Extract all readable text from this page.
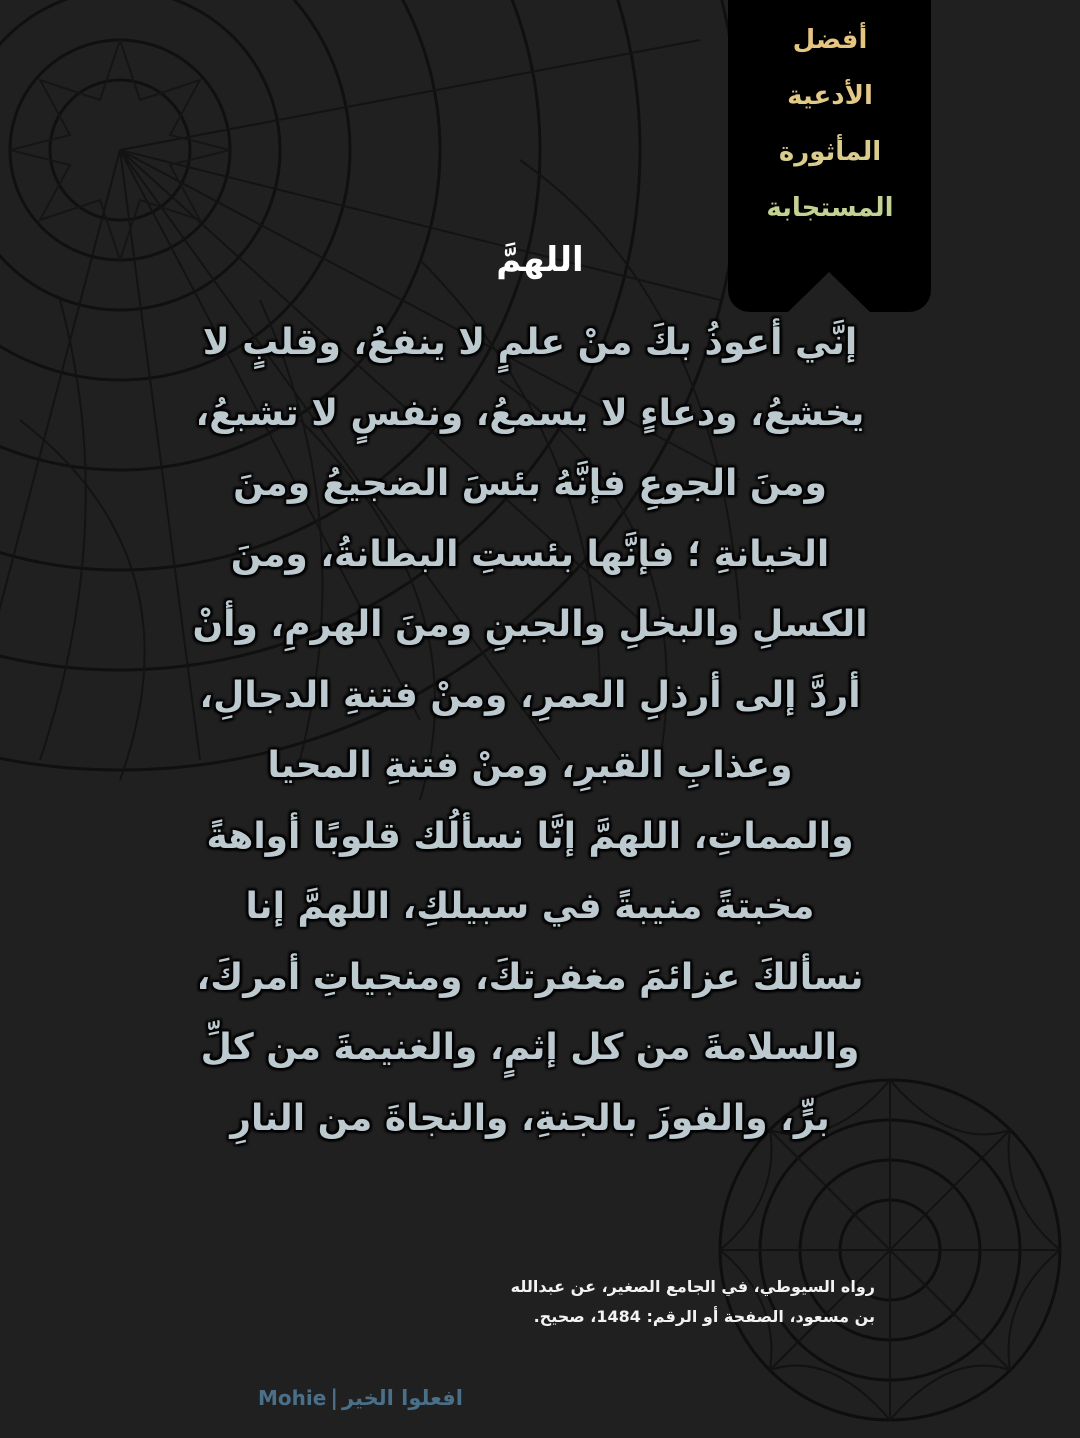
أفضل
الأدعية
المأثورة
المستجابة
اللهمَّ
إنَّي أعوذُ بكَ منْ علمٍ لا ينفعُ، وقلبٍ لا
يخشعُ، ودعاءٍ لا يسمعُ، ونفسٍ لا تشبعُ،
ومنَ الجوعِ فإنَّهُ بئسَ الضجيعُ ومنَ
الخيانةِ ؛ فإنَّها بئستِ البطانةُ، ومنَ
الكسلِ والبخلِ والجبنِ ومنَ الهرمِ، وأنْ
أردَّ إلى أرذلِ العمرِ، ومنْ فتنةِ الدجالِ،
وعذابِ القبرِ، ومنْ فتنةِ المحيا
والمماتِ، اللهمَّ إنَّا نسألُك قلوبًا أواهةً
مخبتةً منيبةً في سبيلكِ، اللهمَّ إنا
نسألكَ عزائمَ مغفرتكَ، ومنجياتِ أمركَ،
والسلامةَ من كل إثمٍ، والغنيمةَ من كلِّ
برٍّ، والفوزَ بالجنةِ، والنجاةَ من النارِ
رواه السيوطي، في الجامع الصغير، عن عبدالله
بن مسعود، الصفحة أو الرقم: 1484، صحيح.
Mohie | افعلوا الخير
